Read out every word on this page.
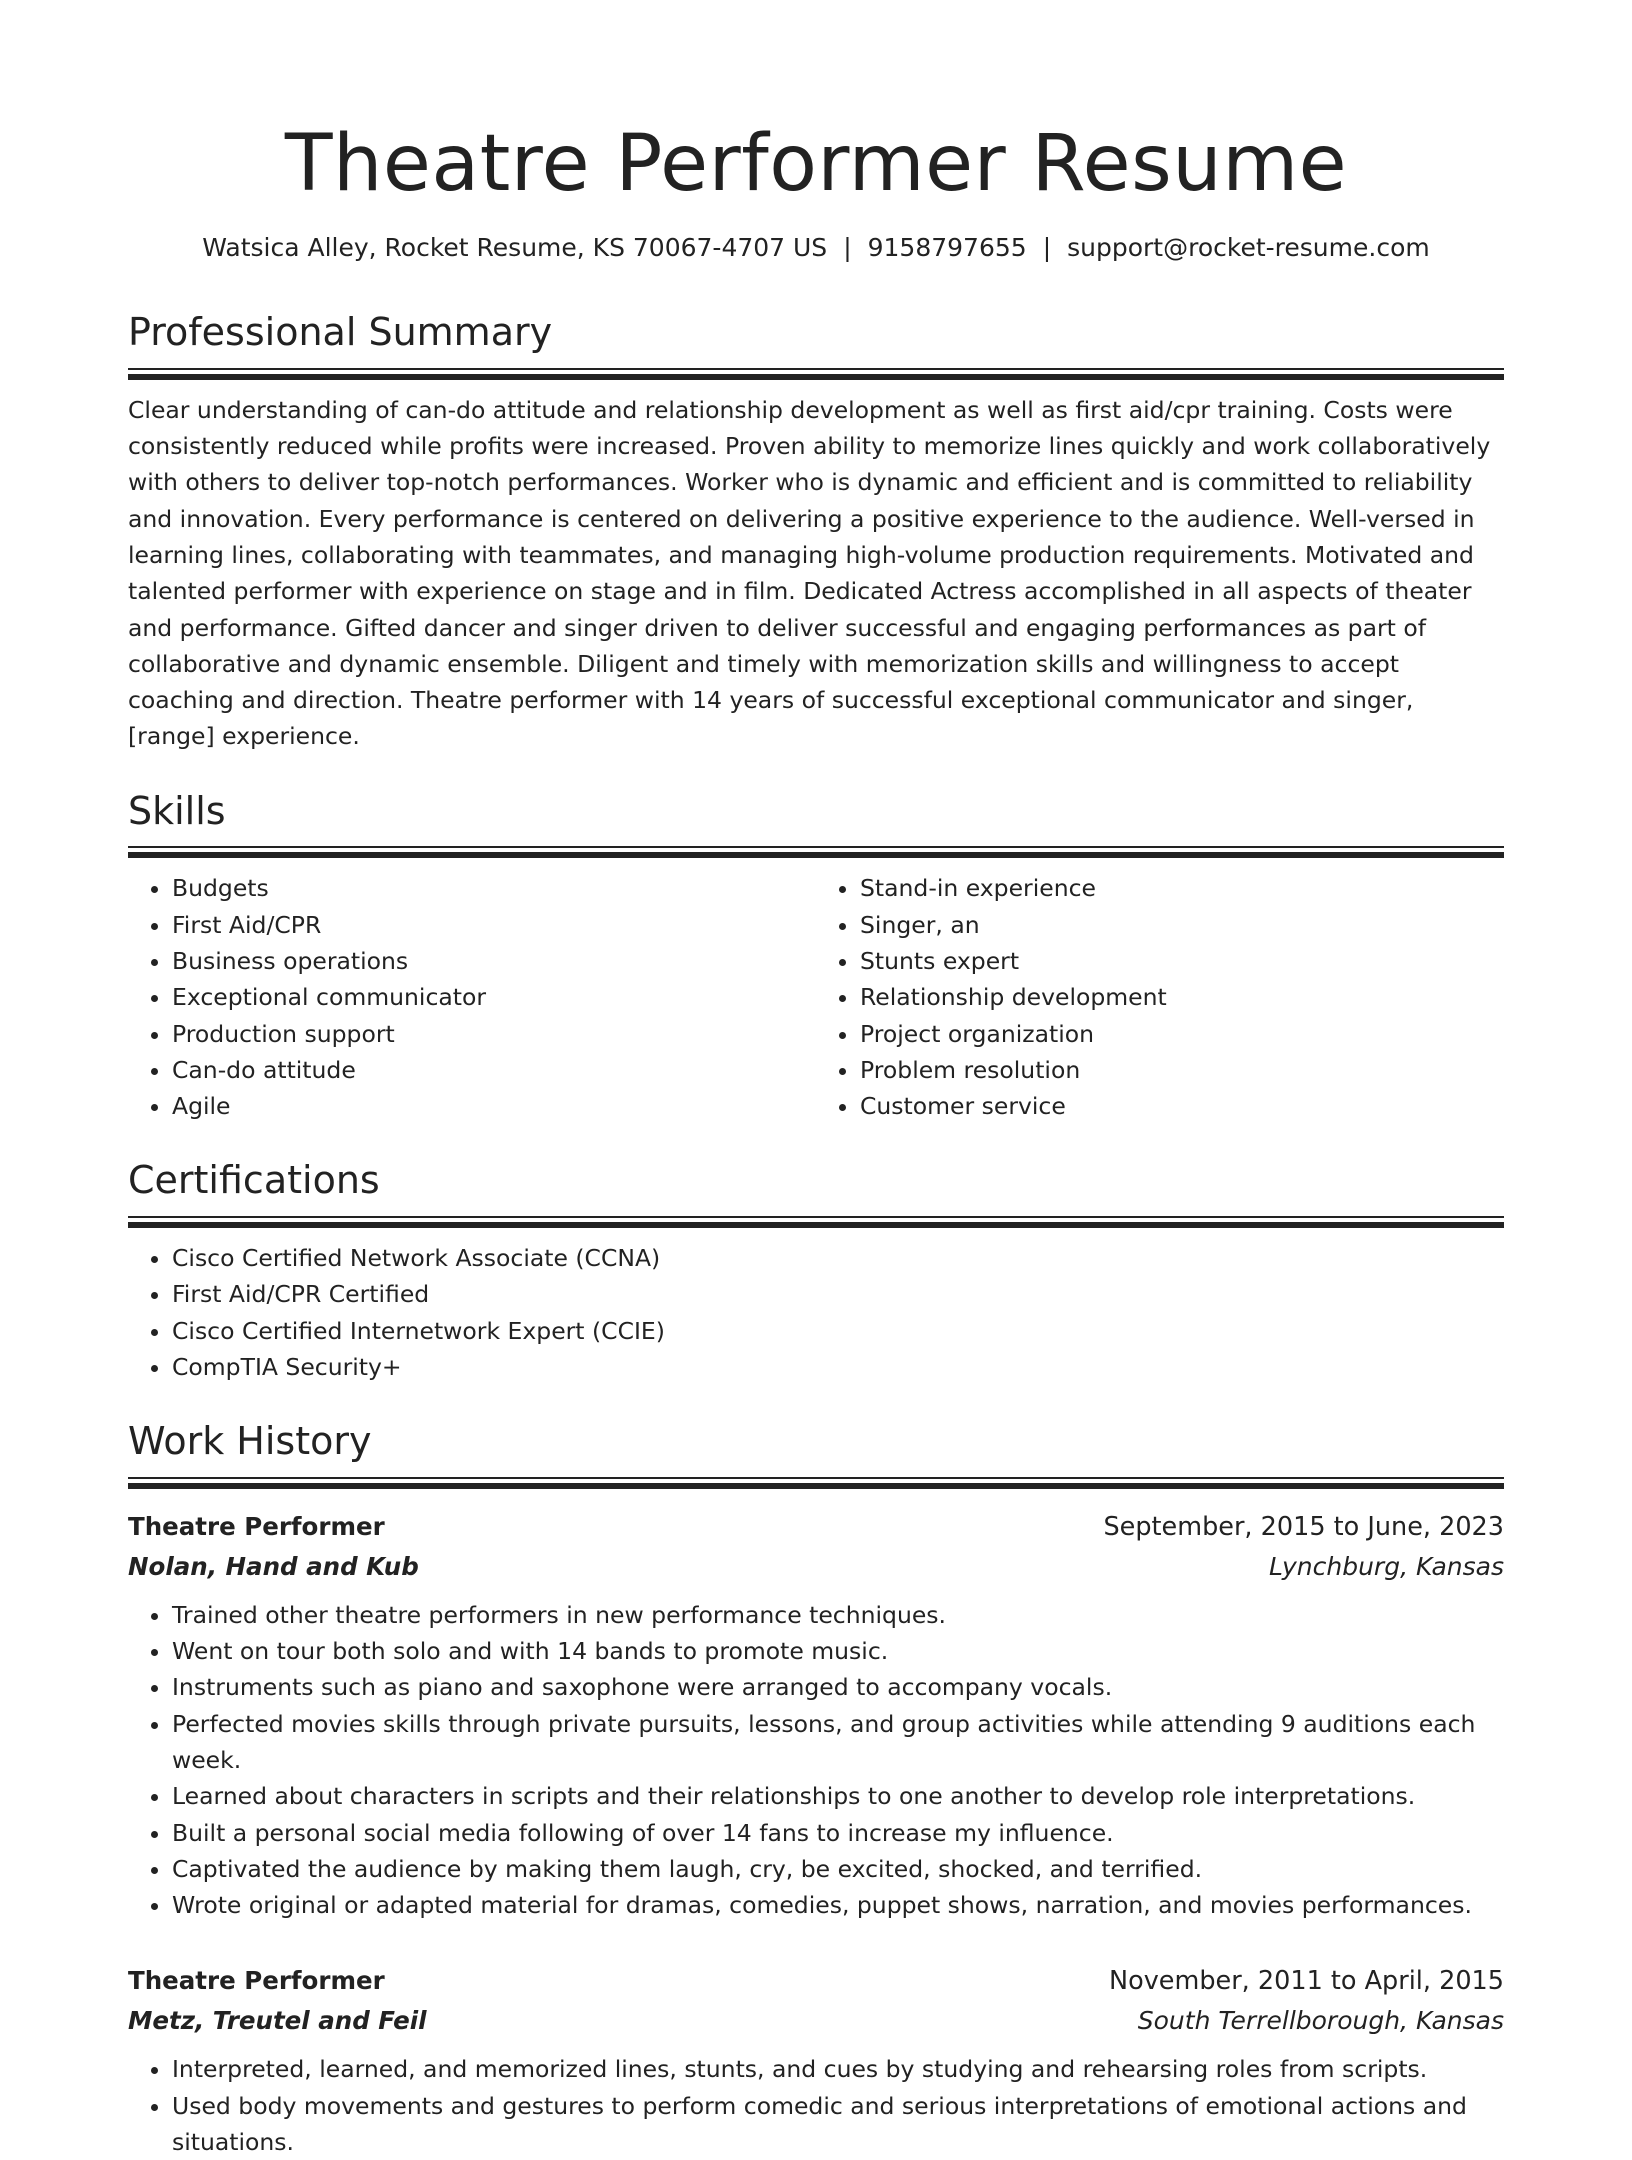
Theatre Performer Resume
Watsica Alley, Rocket Resume, KS 70067-4707 US | 9158797655 | support@rocket-resume.com
Professional Summary

Clear understanding of can-do attitude and relationship development as well as first aid/cpr training. Costs were consistently reduced while profits were increased. Proven ability to memorize lines quickly and work collaboratively with others to deliver top-notch performances. Worker who is dynamic and efficient and is committed to reliability and innovation. Every performance is centered on delivering a positive experience to the audience. Well-versed in learning lines, collaborating with teammates, and managing high-volume production requirements. Motivated and talented performer with experience on stage and in film. Dedicated Actress accomplished in all aspects of theater and performance. Gifted dancer and singer driven to deliver successful and engaging performances as part of collaborative and dynamic ensemble. Diligent and timely with memorization skills and willingness to accept coaching and direction. Theatre performer with 14 years of successful exceptional communicator and singer, [range] experience.

Skills
• Budgets
• First Aid/CPR
• Business operations
• Exceptional communicator
• Production support
• Can-do attitude
• Agile
• Stand-in experience
• Singer, an
• Stunts expert
• Relationship development
• Project organization
• Problem resolution
• Customer service
Certifications
• Cisco Certified Network Associate (CCNA)
• First Aid/CPR Certified
• Cisco Certified Internetwork Expert (CCIE)
• CompTIA Security+
Work History
Theatre Performer	September, 2015 to June, 2023
Nolan, Hand and Kub	Lynchburg, Kansas
• Trained other theatre performers in new performance techniques.
• Went on tour both solo and with 14 bands to promote music.
• Instruments such as piano and saxophone were arranged to accompany vocals.
• Perfected movies skills through private pursuits, lessons, and group activities while attending 9 auditions each week.
• Learned about characters in scripts and their relationships to one another to develop role interpretations.
• Built a personal social media following of over 14 fans to increase my influence.
• Captivated the audience by making them laugh, cry, be excited, shocked, and terrified.
• Wrote original or adapted material for dramas, comedies, puppet shows, narration, and movies performances.
Theatre Performer	November, 2011 to April, 2015
Metz, Treutel and Feil	South Terrellborough, Kansas
• Interpreted, learned, and memorized lines, stunts, and cues by studying and rehearsing roles from scripts.
• Used body movements and gestures to perform comedic and serious interpretations of emotional actions and situations.
